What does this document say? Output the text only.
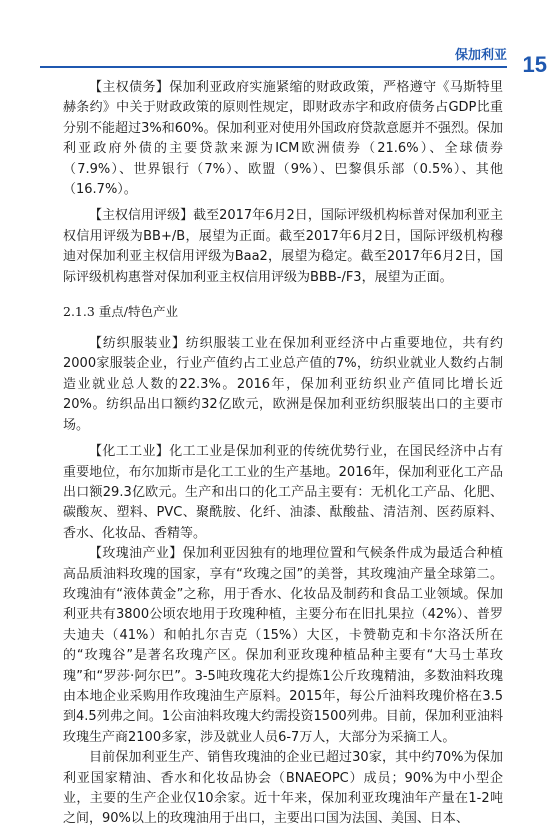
保加利亚 15

【主权债务】保加利亚政府实施紧缩的财政政策，严格遵守《马斯特里赫条约》中关于财政政策的原则性规定，即财政赤字和政府债务占GDP比重分别不能超过3%和60%。保加利亚对使用外国政府贷款意愿并不强烈。保加利亚政府外债的主要贷款来源为ICM欧洲债券（21.6%）、全球债券（7.9%）、世界银行（7%）、欧盟（9%）、巴黎俱乐部（0.5%）、其他（16.7%）。

【主权信用评级】截至2017年6月2日，国际评级机构标普对保加利亚主权信用评级为BB+/B，展望为正面。截至2017年6月2日，国际评级机构穆迪对保加利亚主权信用评级为Baa2，展望为稳定。截至2017年6月2日，国际评级机构惠誉对保加利亚主权信用评级为BBB-/F3，展望为正面。

2.1.3 重点/特色产业

【纺织服装业】纺织服装工业在保加利亚经济中占重要地位，共有约2000家服装企业，行业产值约占工业总产值的7%，纺织业就业人数约占制造业就业总人数的22.3%。2016年，保加利亚纺织业产值同比增长近20%。纺织品出口额约32亿欧元，欧洲是保加利亚纺织服装出口的主要市场。

【化工工业】化工工业是保加利亚的传统优势行业，在国民经济中占有重要地位，布尔加斯市是化工工业的生产基地。2016年，保加利亚化工产品出口额29.3亿欧元。生产和出口的化工产品主要有：无机化工产品、化肥、碳酸灰、塑料、PVC、聚酰胺、化纤、油漆、酞酸盐、清洁剂、医药原料、香水、化妆品、香精等。

【玫瑰油产业】保加利亚因独有的地理位置和气候条件成为最适合种植高品质油料玫瑰的国家，享有“玫瑰之国”的美誉，其玫瑰油产量全球第二。玫瑰油有“液体黄金”之称，用于香水、化妆品及制药和食品工业领域。保加利亚共有3800公顷农地用于玫瑰种植，主要分布在旧扎果拉（42%）、普罗夫迪夫（41%）和帕扎尔吉克（15%）大区，卡赞勒克和卡尔洛沃所在的“玫瑰谷”是著名玫瑰产区。保加利亚玫瑰种植品种主要有“大马士革玫瑰”和“罗莎·阿尔巴”。3-5吨玫瑰花大约提炼1公斤玫瑰精油，多数油料玫瑰由本地企业采购用作玫瑰油生产原料。2015年，每公斤油料玫瑰价格在3.5到4.5列弗之间。1公亩油料玫瑰大约需投资1500列弗。目前，保加利亚油料玫瑰生产商2100多家，涉及就业人员6-7万人，大部分为采摘工人。

目前保加利亚生产、销售玫瑰油的企业已超过30家，其中约70%为保加利亚国家精油、香水和化妆品协会（BNAEOPC）成员；90%为中小型企业，主要的生产企业仅10余家。近十年来，保加利亚玫瑰油年产量在1-2吨之间，90%以上的玫瑰油用于出口，主要出口国为法国、美国、日本、
